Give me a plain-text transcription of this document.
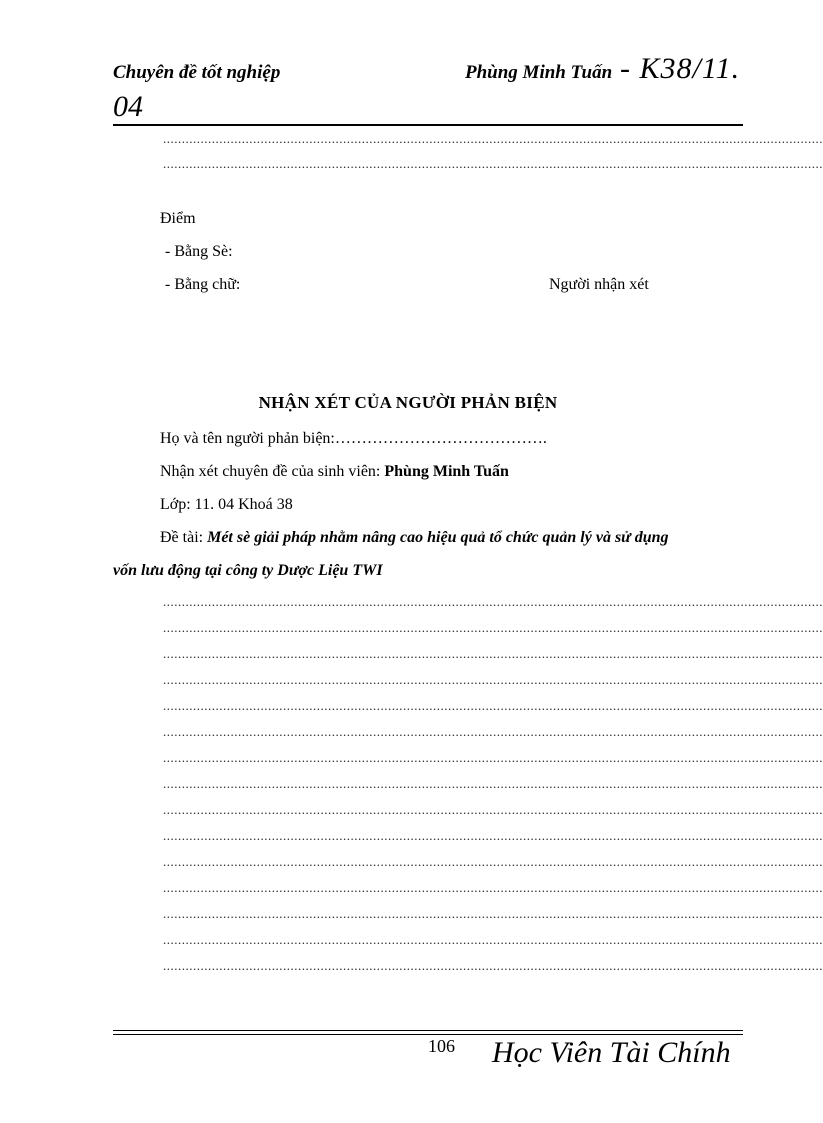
Chuyên đề tốt nghiệp	Phùng Minh Tuấn - K38/11.
04
................................................................................................................................................................................
................................................................................................................................................................................
Điểm
- Bằng Sè:
- Bằng chữ:	Người nhận xét
NHẬN XÉT CỦA NGƯỜI PHẢN BIỆN
Họ và tên người phản biện:………………………………….
Nhận xét chuyên đề của sinh viên: Phùng Minh Tuấn
Lớp: 11. 04 Khoá 38
Đề tài: Mét sè giải pháp nhằm nâng cao hiệu quả tổ chức quản lý và sử dụng
vốn lưu động tại công ty Dược Liệu TWI
................................................................................................................................................................................
................................................................................................................................................................................
................................................................................................................................................................................
................................................................................................................................................................................
................................................................................................................................................................................
................................................................................................................................................................................
................................................................................................................................................................................
................................................................................................................................................................................
................................................................................................................................................................................
................................................................................................................................................................................
................................................................................................................................................................................
................................................................................................................................................................................
................................................................................................................................................................................
................................................................................................................................................................................
................................................................................................................................................................................
106 Học Viên Tài Chính
